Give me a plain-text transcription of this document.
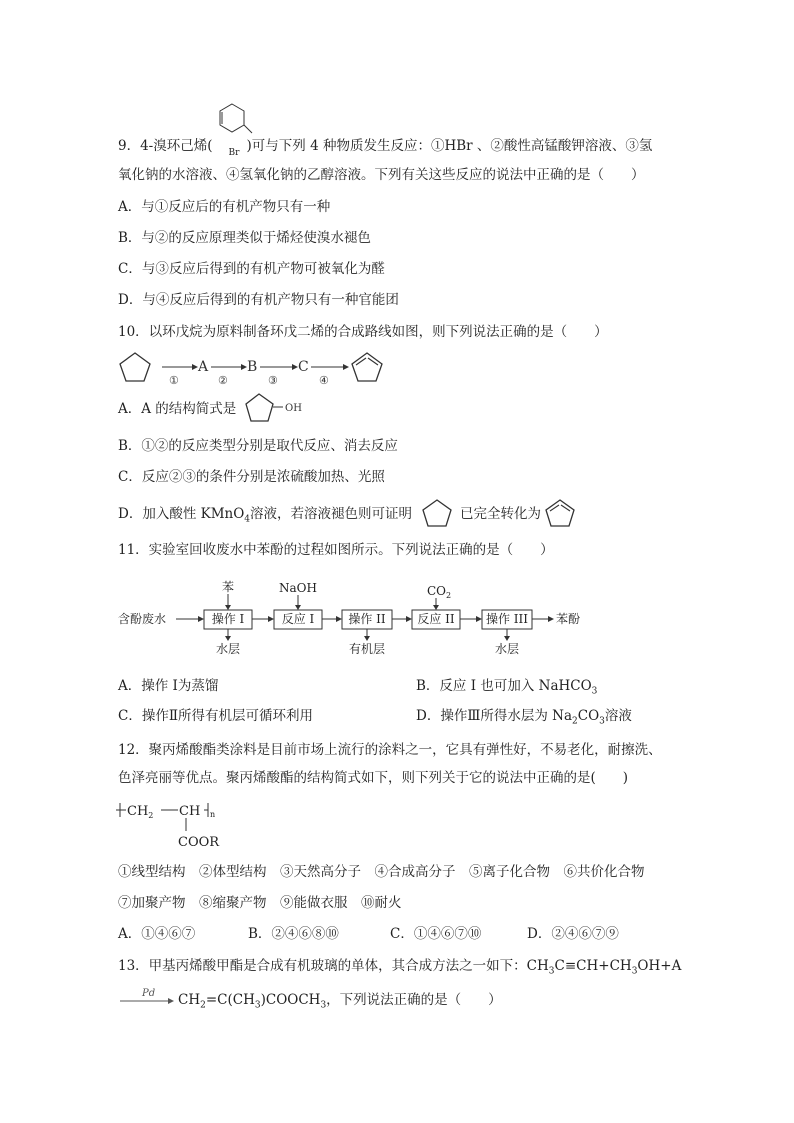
9．4-溴环己烯( Br )可与下列 4 种物质发生反应：①HBr 、②酸性高锰酸钾溶液、③氢
氧化钠的水溶液、④氢氧化钠的乙醇溶液。下列有关这些反应的说法中正确的是（　　）
A．与①反应后的有机产物只有一种
B．与②的反应原理类似于烯烃使溴水褪色
C．与③反应后得到的有机产物可被氧化为醛
D．与④反应后得到的有机产物只有一种官能团
10．以环戊烷为原料制备环戊二烯的合成路线如图，则下列说法正确的是（　　）
①
A
②
B
③
C
④
A．A 的结构简式是	OH
B．①②的反应类型分别是取代反应、消去反应
C．反应②③的条件分别是浓硫酸加热、光照
D．加入酸性 KMnO$_4$溶液，若溶液褪色则可证明	已完全转化为
11．实验室回收废水中苯酚的过程如图所示。下列说法正确的是（　　）
含酚废水	操作 I
苯
水层
反应 I
NaOH
操作 II
有机层
反应 II
$CO_2$
操作 III
水层
苯酚
A．操作 I为蒸馏	B．反应 I 也可加入 NaHCO$_3$
C．操作Ⅱ所得有机层可循环利用	D．操作Ⅲ所得水层为 $Na_2CO_3$溶液
12．聚丙烯酸酯类涂料是目前市场上流行的涂料之一，它具有弹性好，不易老化，耐擦洗、
色泽亮丽等优点。聚丙烯酸酯的结构简式如下，则下列关于它的说法中正确的是(　　)
$CH_2$ CH n
COOR
①线型结构　②体型结构　③天然高分子　④合成高分子　⑤离子化合物　⑥共价化合物
⑦加聚产物　⑧缩聚产物　⑨能做衣服　⑩耐火
A．①④⑥⑦	B．②④⑥⑧⑩	C．①④⑥⑦⑩	D．②④⑥⑦⑨
13．甲基丙烯酸甲酯是合成有机玻璃的单体，其合成方法之一如下：$CH_3C\equiv CH+CH_3OH+A$
Pd $CH_2=C(CH_3)COOCH_3$，下列说法正确的是（　　）
